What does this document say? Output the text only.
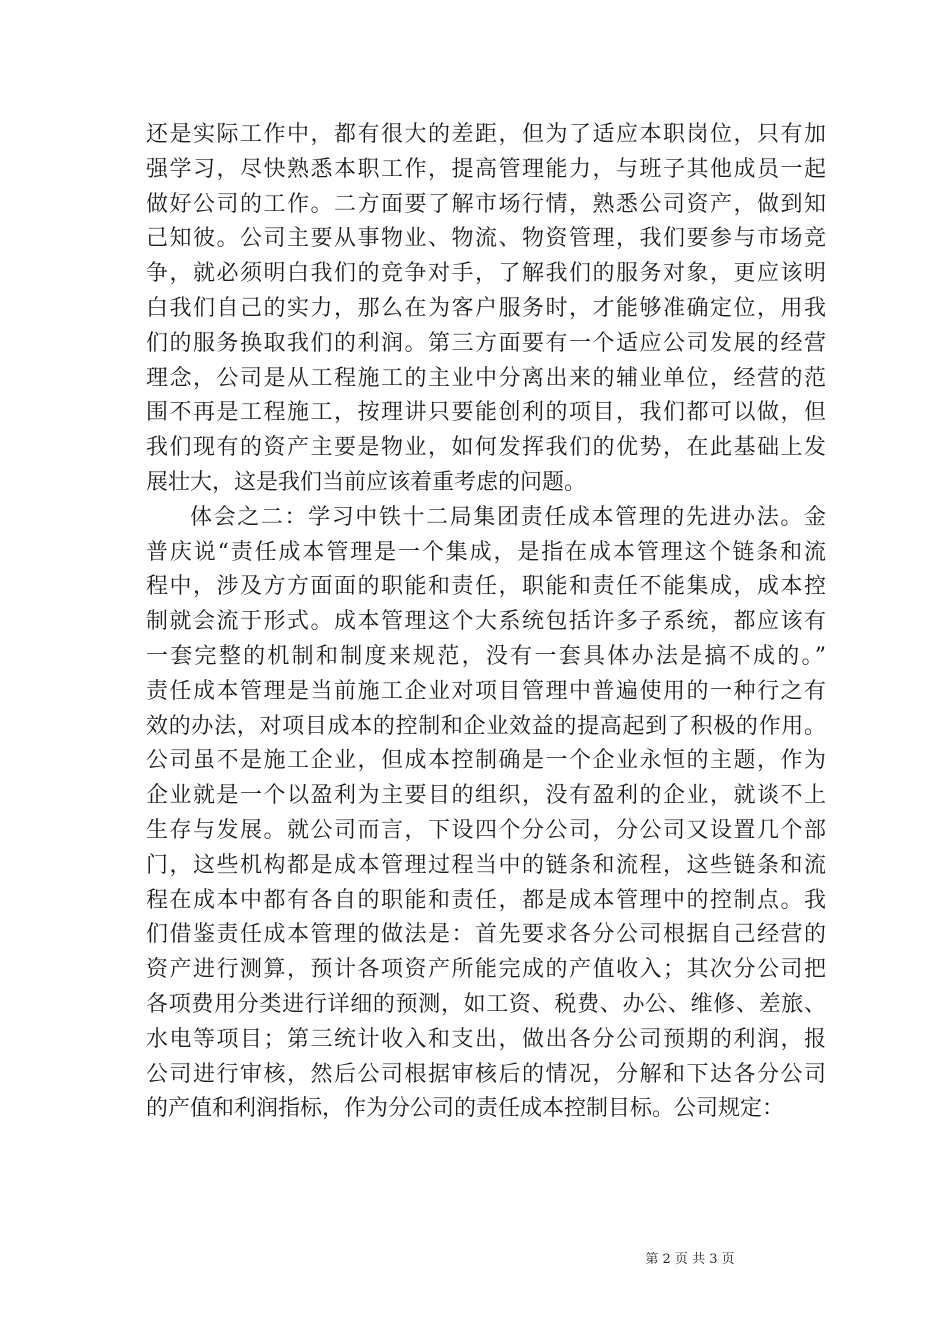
还是实际工作中，都有很大的差距，但为了适应本职岗位，只有加
强学习，尽快熟悉本职工作，提高管理能力，与班子其他成员一起
做好公司的工作。二方面要了解市场行情，熟悉公司资产，做到知
己知彼。公司主要从事物业、物流、物资管理，我们要参与市场竞
争，就必须明白我们的竞争对手，了解我们的服务对象，更应该明
白我们自己的实力，那么在为客户服务时，才能够准确定位，用我
们的服务换取我们的利润。第三方面要有一个适应公司发展的经营
理念，公司是从工程施工的主业中分离出来的辅业单位，经营的范
围不再是工程施工，按理讲只要能创利的项目，我们都可以做，但
我们现有的资产主要是物业，如何发挥我们的优势，在此基础上发
展壮大，这是我们当前应该着重考虑的问题。
体会之二：学习中铁十二局集团责任成本管理的先进办法。金
普庆说“责任成本管理是一个集成，是指在成本管理这个链条和流
程中，涉及方方面面的职能和责任，职能和责任不能集成，成本控
制就会流于形式。成本管理这个大系统包括许多子系统，都应该有
一套完整的机制和制度来规范，没有一套具体办法是搞不成的。”
责任成本管理是当前施工企业对项目管理中普遍使用的一种行之有
效的办法，对项目成本的控制和企业效益的提高起到了积极的作用。
公司虽不是施工企业，但成本控制确是一个企业永恒的主题，作为
企业就是一个以盈利为主要目的组织，没有盈利的企业，就谈不上
生存与发展。就公司而言，下设四个分公司，分公司又设置几个部
门，这些机构都是成本管理过程当中的链条和流程，这些链条和流
程在成本中都有各自的职能和责任，都是成本管理中的控制点。我
们借鉴责任成本管理的做法是：首先要求各分公司根据自己经营的
资产进行测算，预计各项资产所能完成的产值收入；其次分公司把
各项费用分类进行详细的预测，如工资、税费、办公、维修、差旅、
水电等项目；第三统计收入和支出，做出各分公司预期的利润，报
公司进行审核，然后公司根据审核后的情况，分解和下达各分公司
的产值和利润指标，作为分公司的责任成本控制目标。公司规定：
第 2 页 共 3 页
